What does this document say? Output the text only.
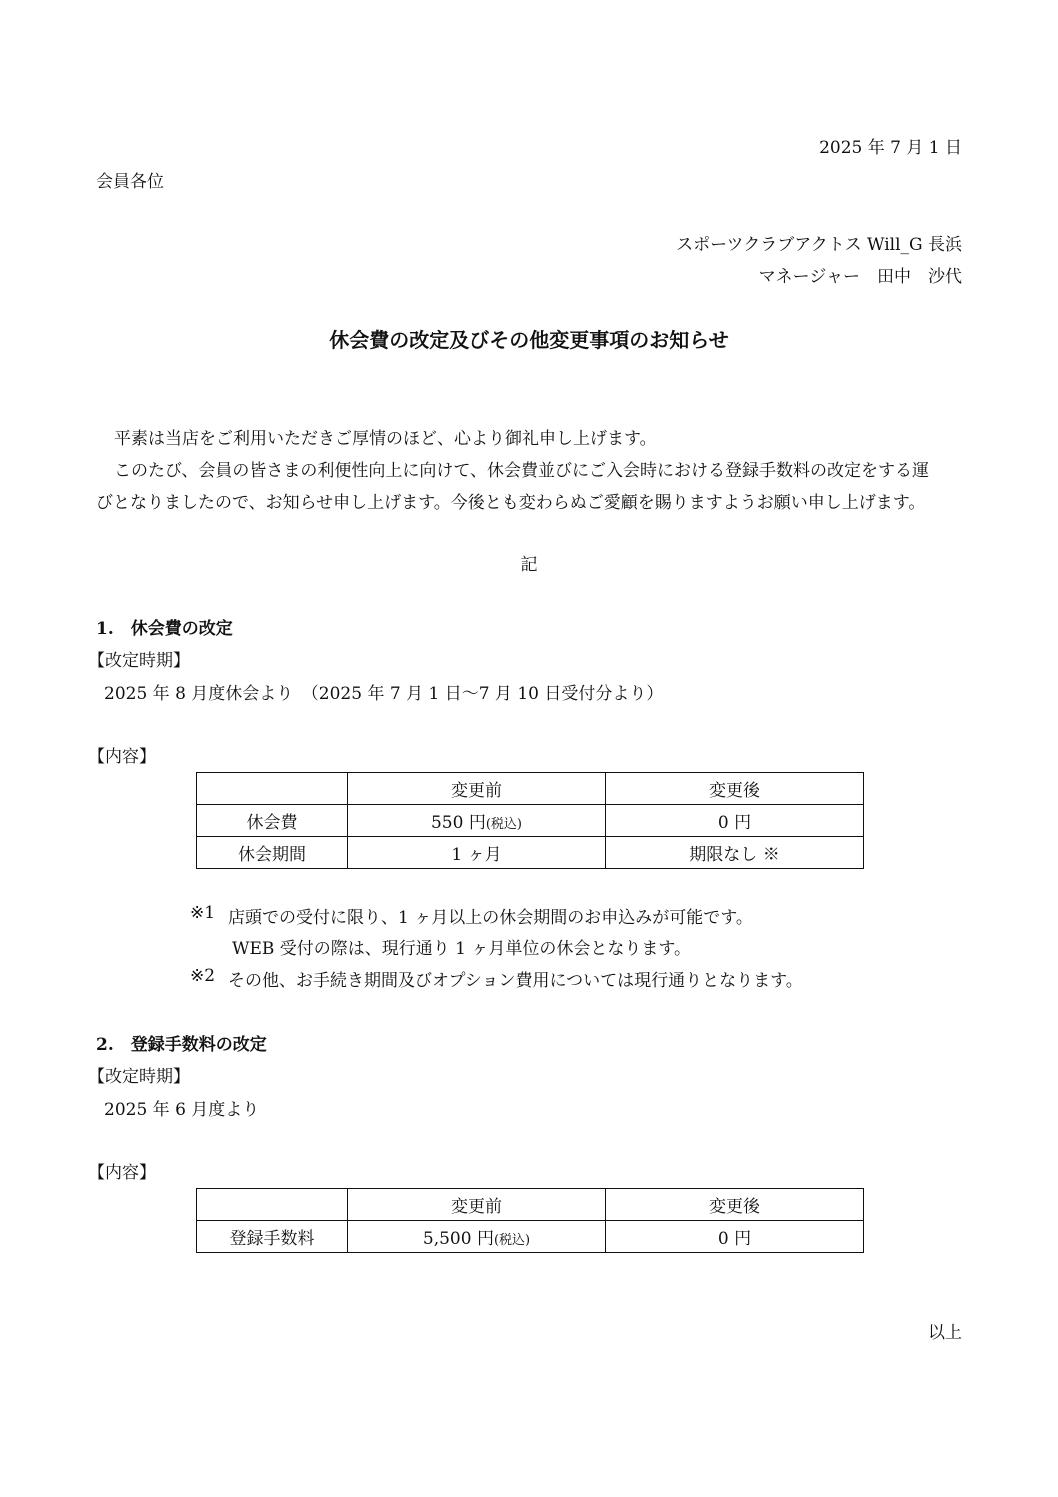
2025 年 7 月 1 日
会員各位
スポーツクラブアクトス Will_G 長浜
マネージャー　田中　沙代
休会費の改定及びその他変更事項のお知らせ
平素は当店をご利用いただきご厚情のほど、心より御礼申し上げます。
このたび、会員の皆さまの利便性向上に向けて、休会費並びにご入会時における登録手数料の改定をする運
びとなりましたので、お知らせ申し上げます。今後とも変わらぬご愛顧を賜りますようお願い申し上げます。
記
1.　休会費の改定
【改定時期】
2025 年 8 月度休会より　（2025 年 7 月 1 日～7 月 10 日受付分より）
【内容】
	変更前	変更後
休会費	550 円(税込)	0 円
休会期間	1 ヶ月	期限なし ※
※1 店頭での受付に限り、1 ヶ月以上の休会期間のお申込みが可能です。
WEB 受付の際は、現行通り 1 ヶ月単位の休会となります。
※2 その他、お手続き期間及びオプション費用については現行通りとなります。
2.　登録手数料の改定
【改定時期】
2025 年 6 月度より
【内容】
	変更前	変更後
登録手数料	5,500 円(税込)	0 円
以上
